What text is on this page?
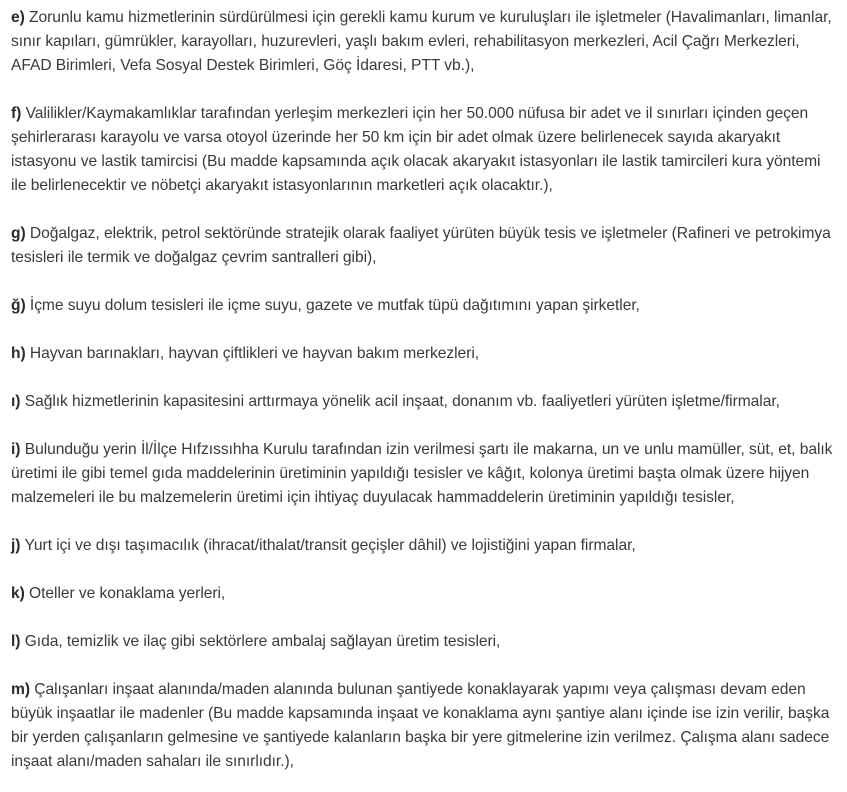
e) Zorunlu kamu hizmetlerinin sürdürülmesi için gerekli kamu kurum ve kuruluşları ile işletmeler (Havalimanları, limanlar, sınır kapıları, gümrükler, karayolları, huzurevleri, yaşlı bakım evleri, rehabilitasyon merkezleri, Acil Çağrı Merkezleri, AFAD Birimleri, Vefa Sosyal Destek Birimleri, Göç İdaresi, PTT vb.),

f) Valilikler/Kaymakamlıklar tarafından yerleşim merkezleri için her 50.000 nüfusa bir adet ve il sınırları içinden geçen şehirlerarası karayolu ve varsa otoyol üzerinde her 50 km için bir adet olmak üzere belirlenecek sayıda akaryakıt istasyonu ve lastik tamircisi (Bu madde kapsamında açık olacak akaryakıt istasyonları ile lastik tamircileri kura yöntemi ile belirlenecektir ve nöbetçi akaryakıt istasyonlarının marketleri açık olacaktır.),

g) Doğalgaz, elektrik, petrol sektöründe stratejik olarak faaliyet yürüten büyük tesis ve işletmeler (Rafineri ve petrokimya tesisleri ile termik ve doğalgaz çevrim santralleri gibi),

ğ) İçme suyu dolum tesisleri ile içme suyu, gazete ve mutfak tüpü dağıtımını yapan şirketler,

h) Hayvan barınakları, hayvan çiftlikleri ve hayvan bakım merkezleri,

ı) Sağlık hizmetlerinin kapasitesini arttırmaya yönelik acil inşaat, donanım vb. faaliyetleri yürüten işletme/firmalar,

i) Bulunduğu yerin İl/İlçe Hıfzıssıhha Kurulu tarafından izin verilmesi şartı ile makarna, un ve unlu mamüller, süt, et, balık üretimi ile gibi temel gıda maddelerinin üretiminin yapıldığı tesisler ve kâğıt, kolonya üretimi başta olmak üzere hijyen malzemeleri ile bu malzemelerin üretimi için ihtiyaç duyulacak hammaddelerin üretiminin yapıldığı tesisler,

j) Yurt içi ve dışı taşımacılık (ihracat/ithalat/transit geçişler dâhil) ve lojistiğini yapan firmalar,

k) Oteller ve konaklama yerleri,

l) Gıda, temizlik ve ilaç gibi sektörlere ambalaj sağlayan üretim tesisleri,

m) Çalışanları inşaat alanında/maden alanında bulunan şantiyede konaklayarak yapımı veya çalışması devam eden büyük inşaatlar ile madenler (Bu madde kapsamında inşaat ve konaklama aynı şantiye alanı içinde ise izin verilir, başka bir yerden çalışanların gelmesine ve şantiyede kalanların başka bir yere gitmelerine izin verilmez. Çalışma alanı sadece inşaat alanı/maden sahaları ile sınırlıdır.),
